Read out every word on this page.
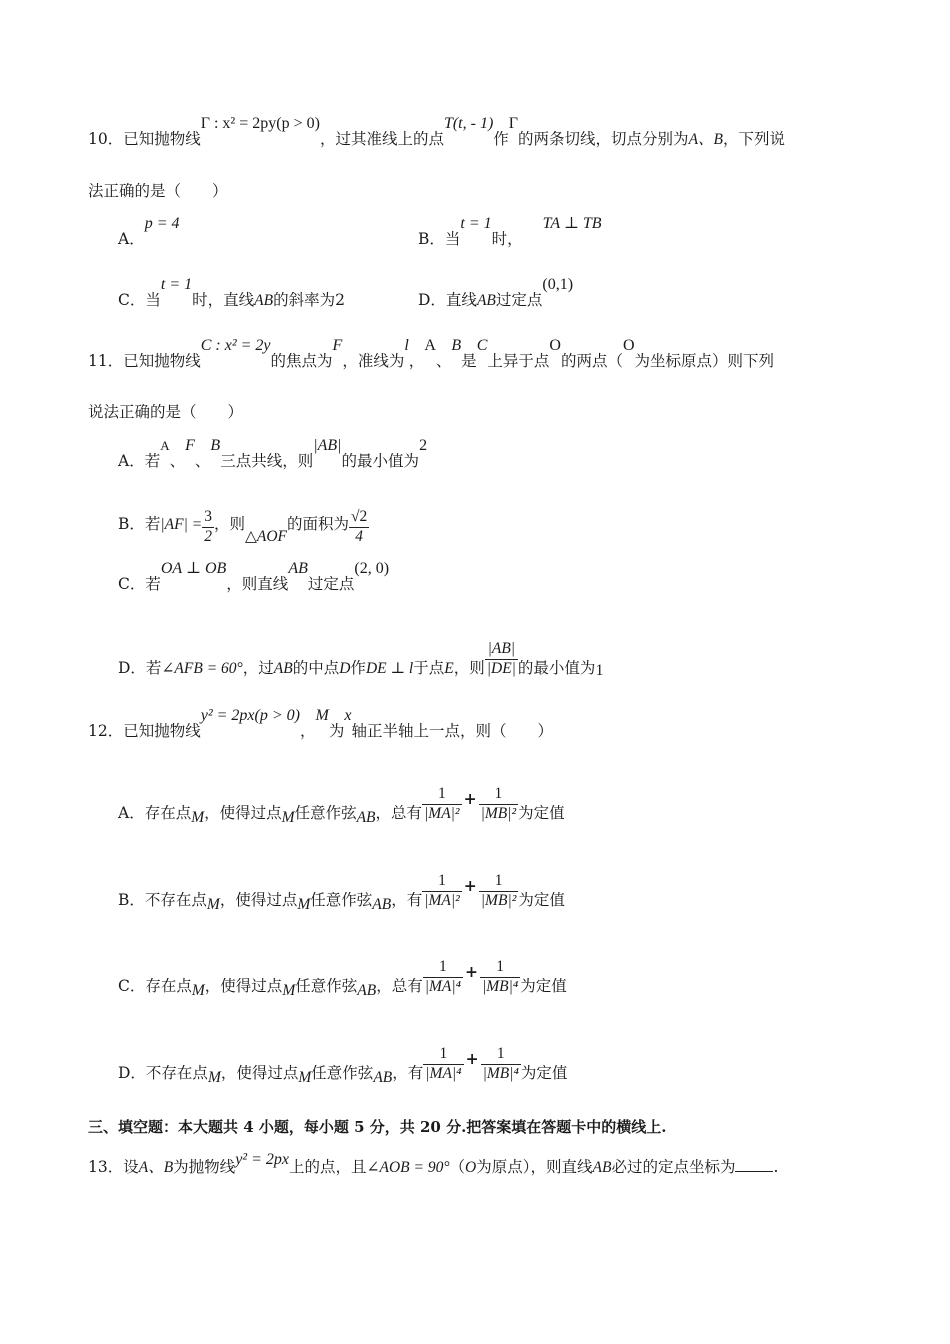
10．已知抛物线Γ : x² = 2py(p > 0)，过其准线上的点T(t, - 1)作Γ的两条切线，切点分别为A、B，下列说
法正确的是（　　）
A．p = 4
B．当t = 1时，TA ⊥ TB
C．当t = 1时，直线AB的斜率为2	D．直线AB过定点(0,1)
11．已知抛物线C : x² = 2y的焦点为F，准线为l，A、B是C上异于点O的两点（O为坐标原点）则下列
说法正确的是（　　）
A．若$^A$、F、B三点共线，则|AB|的最小值为2
B．若$|AF| = \frac{3}{2}$ ，则△AOF的面积为 $\frac{√2}{4}$
C．若OA ⊥ OB，则直线AB过定点(2, 0)
D．若∠AFB = 60°，过AB的中点D作DE ⊥ l于点E，则 $\frac{|AB|}{|DE|}$ 的最小值为1
12．已知抛物线y² = 2px(p > 0)，M为x轴正半轴上一点，则（　　）
A．存在点M，使得过点M任意作弦AB，总有 $\frac{1}{\text{|MA|²}} + \frac{1}{\text{|MB|²}}$ 为定值
B．不存在点M，使得过点M任意作弦AB，有 $\frac{1}{\text{|MA|²}} + \frac{1}{\text{|MB|²}}$ 为定值
C．存在点M，使得过点M任意作弦AB，总有 $\frac{1}{\text{|MA|⁴}} + \frac{1}{\text{|MB|⁴}}$ 为定值
D．不存在点M，使得过点M任意作弦AB，有 $\frac{1}{\text{|MA|⁴}} + \frac{1}{\text{|MB|⁴}}$ 为定值
三、填空题：本大题共 4 小题，每小题 5 分，共 20 分.把答案填在答题卡中的横线上.
13．设A、B为抛物线y² = 2px上的点，且∠AOB = 90°（O为原点），则直线AB必过的定点坐标为 .
